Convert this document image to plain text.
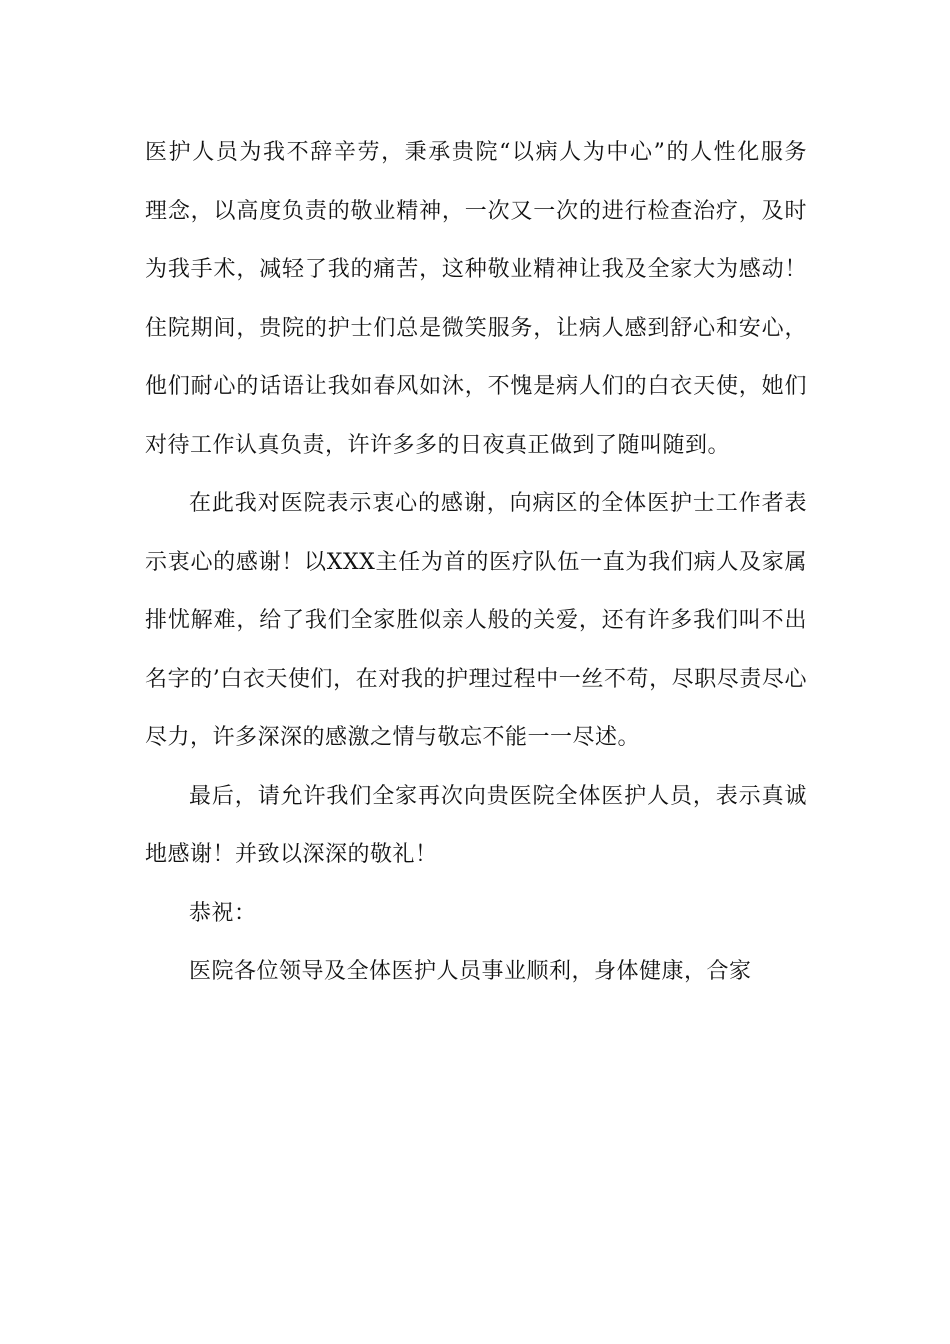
医护人员为我不辞辛劳，秉承贵院“以病人为中心”的人性化服务
理念，以高度负责的敬业精神，一次又一次的进行检查治疗，及时
为我手术，减轻了我的痛苦，这种敬业精神让我及全家大为感动！
住院期间，贵院的护士们总是微笑服务，让病人感到舒心和安心，
他们耐心的话语让我如春风如沐，不愧是病人们的白衣天使，她们
对待工作认真负责，许许多多的日夜真正做到了随叫随到。
在此我对医院表示衷心的感谢，向病区的全体医护士工作者表
示衷心的感谢！以XXX主任为首的医疗队伍一直为我们病人及家属
排忧解难，给了我们全家胜似亲人般的关爱，还有许多我们叫不出
名字的’白衣天使们，在对我的护理过程中一丝不苟，尽职尽责尽心
尽力，许多深深的感激之情与敬忘不能一一尽述。
最后，请允许我们全家再次向贵医院全体医护人员，表示真诚
地感谢！并致以深深的敬礼！
恭祝：
医院各位领导及全体医护人员事业顺利，身体健康，合家
